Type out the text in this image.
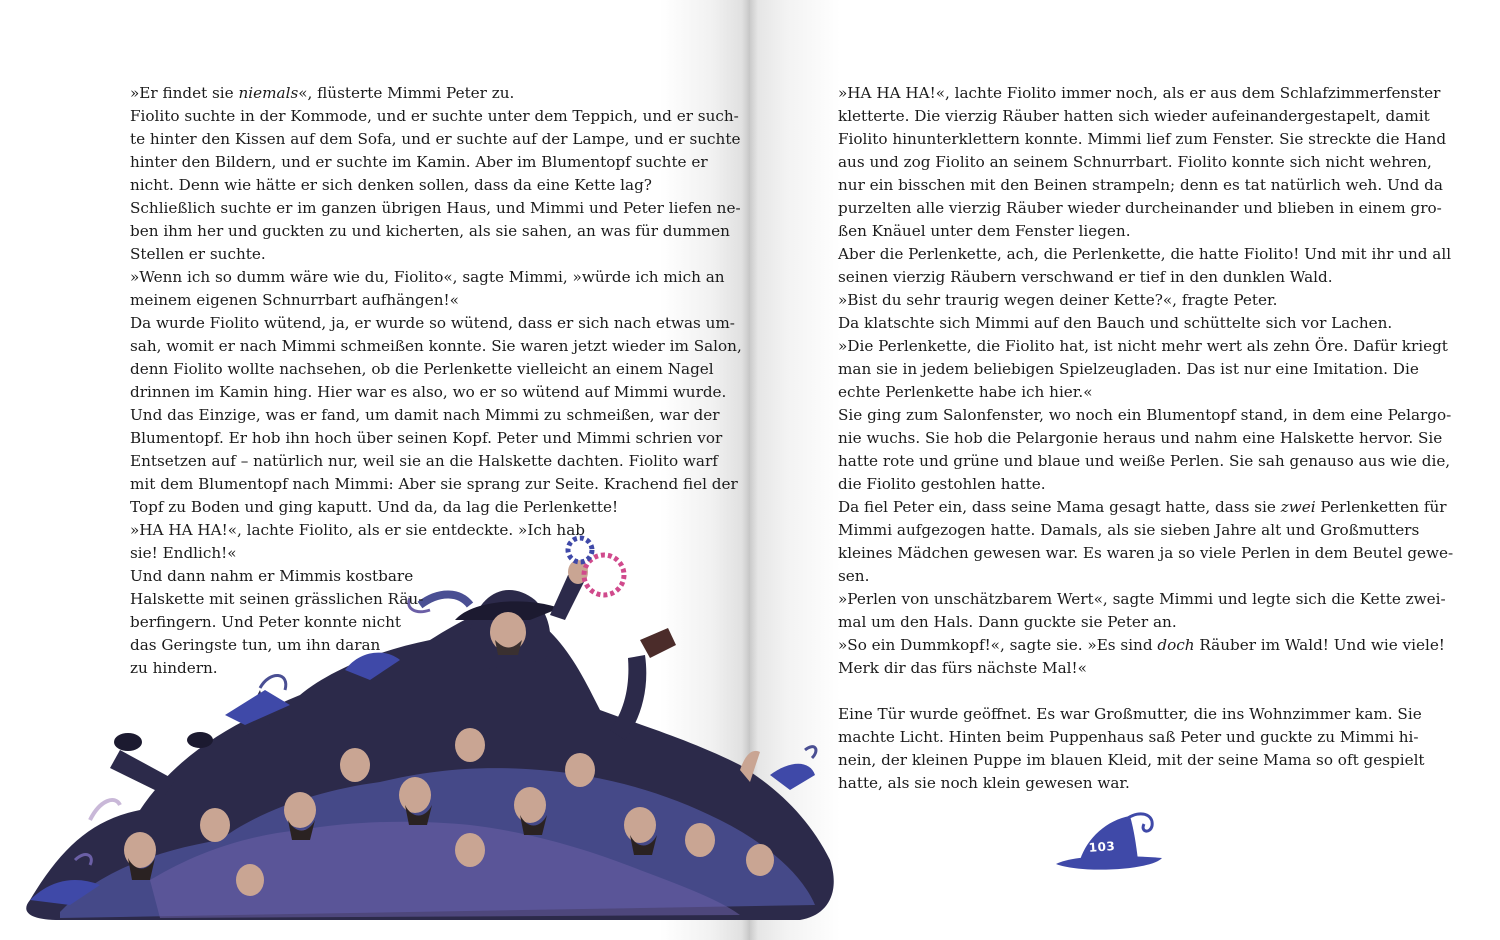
»Er findet sie niemals«, flüsterte Mimmi Peter zu.
Fiolito suchte in der Kommode, und er suchte unter dem Teppich, und er such-
te hinter den Kissen auf dem Sofa, und er suchte auf der Lampe, und er suchte
hinter den Bildern, und er suchte im Kamin. Aber im Blumentopf suchte er
nicht. Denn wie hätte er sich denken sollen, dass da eine Kette lag?
Schließlich suchte er im ganzen übrigen Haus, und Mimmi und Peter liefen ne-
ben ihm her und guckten zu und kicherten, als sie sahen, an was für dummen
Stellen er suchte.
»Wenn ich so dumm wäre wie du, Fiolito«, sagte Mimmi, »würde ich mich an
meinem eigenen Schnurrbart aufhängen!«
Da wurde Fiolito wütend, ja, er wurde so wütend, dass er sich nach etwas um-
sah, womit er nach Mimmi schmeißen konnte. Sie waren jetzt wieder im Salon,
denn Fiolito wollte nachsehen, ob die Perlenkette vielleicht an einem Nagel
drinnen im Kamin hing. Hier war es also, wo er so wütend auf Mimmi wurde.
Und das Einzige, was er fand, um damit nach Mimmi zu schmeißen, war der
Blumentopf. Er hob ihn hoch über seinen Kopf. Peter und Mimmi schrien vor
Entsetzen auf – natürlich nur, weil sie an die Halskette dachten. Fiolito warf
mit dem Blumentopf nach Mimmi: Aber sie sprang zur Seite. Krachend fiel der
Topf zu Boden und ging kaputt. Und da, da lag die Perlenkette!
»HA HA HA!«, lachte Fiolito, als er sie entdeckte. »Ich hab
sie! Endlich!«
Und dann nahm er Mimmis kostbare
Halskette mit seinen grässlichen Räu-
berfingern. Und Peter konnte nicht
das Geringste tun, um ihn daran
zu hindern.
»HA HA HA!«, lachte Fiolito immer noch, als er aus dem Schlafzimmerfenster
kletterte. Die vierzig Räuber hatten sich wieder aufeinandergestapelt, damit
Fiolito hinunterklettern konnte. Mimmi lief zum Fenster. Sie streckte die Hand
aus und zog Fiolito an seinem Schnurrbart. Fiolito konnte sich nicht wehren,
nur ein bisschen mit den Beinen strampeln; denn es tat natürlich weh. Und da
purzelten alle vierzig Räuber wieder durcheinander und blieben in einem gro-
ßen Knäuel unter dem Fenster liegen.
Aber die Perlenkette, ach, die Perlenkette, die hatte Fiolito! Und mit ihr und all
seinen vierzig Räubern verschwand er tief in den dunklen Wald.
»Bist du sehr traurig wegen deiner Kette?«, fragte Peter.
Da klatschte sich Mimmi auf den Bauch und schüttelte sich vor Lachen.
»Die Perlenkette, die Fiolito hat, ist nicht mehr wert als zehn Öre. Dafür kriegt
man sie in jedem beliebigen Spielzeugladen. Das ist nur eine Imitation. Die
echte Perlenkette habe ich hier.«
Sie ging zum Salonfenster, wo noch ein Blumentopf stand, in dem eine Pelargo-
nie wuchs. Sie hob die Pelargonie heraus und nahm eine Halskette hervor. Sie
hatte rote und grüne und blaue und weiße Perlen. Sie sah genauso aus wie die,
die Fiolito gestohlen hatte.
Da fiel Peter ein, dass seine Mama gesagt hatte, dass sie zwei Perlenketten für
Mimmi aufgezogen hatte. Damals, als sie sieben Jahre alt und Großmutters
kleines Mädchen gewesen war. Es waren ja so viele Perlen in dem Beutel gewe-
sen.
»Perlen von unschätzbarem Wert«, sagte Mimmi und legte sich die Kette zwei-
mal um den Hals. Dann guckte sie Peter an.
»So ein Dummkopf!«, sagte sie. »Es sind doch Räuber im Wald! Und wie viele!
Merk dir das fürs nächste Mal!«
Eine Tür wurde geöffnet. Es war Großmutter, die ins Wohnzimmer kam. Sie
machte Licht. Hinten beim Puppenhaus saß Peter und guckte zu Mimmi hi-
nein, der kleinen Puppe im blauen Kleid, mit der seine Mama so oft gespielt
hatte, als sie noch klein gewesen war.
103
